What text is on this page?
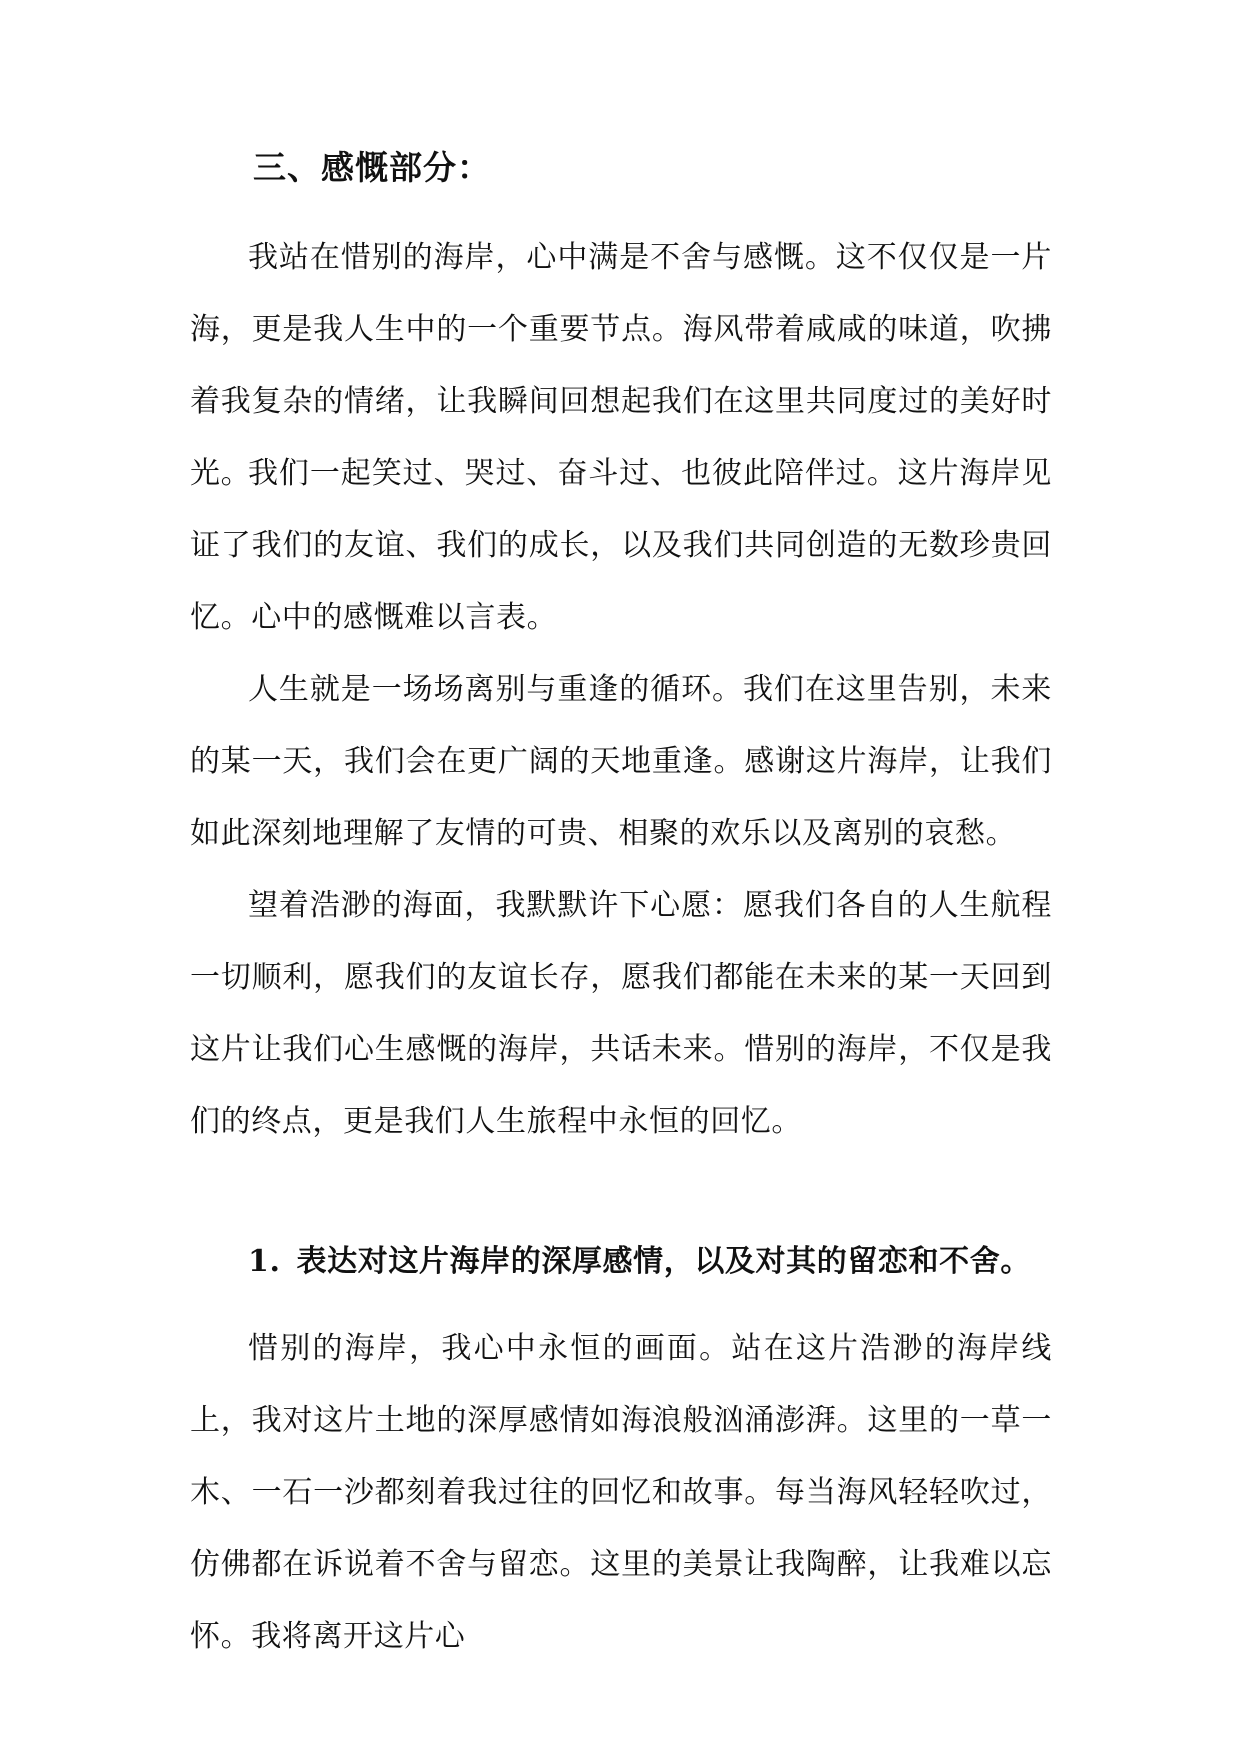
三、感慨部分：

我站在惜别的海岸，心中满是不舍与感慨。这不仅仅是一片海，更是我人生中的一个重要节点。海风带着咸咸的味道，吹拂着我复杂的情绪，让我瞬间回想起我们在这里共同度过的美好时光。

我们一起笑过、哭过、奋斗过、也彼此陪伴过。这片海岸见证了我们的友谊、我们的成长，以及我们共同创造的无数珍贵回忆。心中的感慨难以言表。

人生就是一场场离别与重逢的循环。我们在这里告别，未来的某一天，我们会在更广阔的天地重逢。感谢这片海岸，让我们如此深刻地理解了友情的可贵、相聚的欢乐以及离别的哀愁。

望着浩渺的海面，我默默许下心愿：愿我们各自的人生航程一切顺利，愿我们的友谊长存，愿我们都能在未来的某一天回到这片让我们心生感慨的海岸，共话未来。惜别的海岸，不仅是我们的终点，更是我们人生旅程中永恒的回忆。

1. 表达对这片海岸的深厚感情，以及对其的留恋和不舍。

惜别的海岸，我心中永恒的画面。站在这片浩渺的海岸线上，我对这片土地的深厚感情如海浪般汹涌澎湃。这里的一草一木、一石一沙都刻着我过往的回忆和故事。每当海风轻轻吹过，仿佛都在诉说着不舍与留恋。这里的美景让我陶醉，让我难以忘怀。我将离开这片心
